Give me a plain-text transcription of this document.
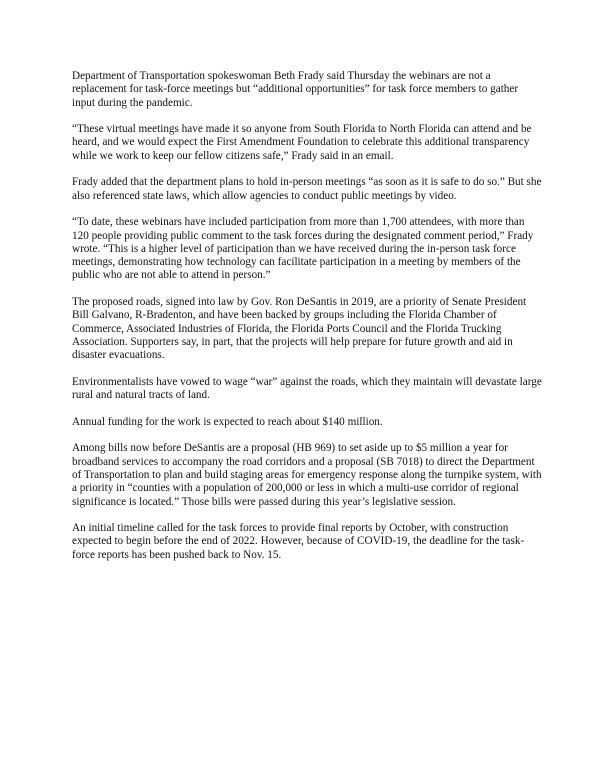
Department of Transportation spokeswoman Beth Frady said Thursday the webinars are not a replacement for task-force meetings but “additional opportunities” for task force members to gather input during the pandemic.

“These virtual meetings have made it so anyone from South Florida to North Florida can attend and be heard, and we would expect the First Amendment Foundation to celebrate this additional transparency while we work to keep our fellow citizens safe,” Frady said in an email.

Frady added that the department plans to hold in-person meetings “as soon as it is safe to do so.” But she also referenced state laws, which allow agencies to conduct public meetings by video.

“To date, these webinars have included participation from more than 1,700 attendees, with more than 120 people providing public comment to the task forces during the designated comment period,” Frady wrote. “This is a higher level of participation than we have received during the in-person task force meetings, demonstrating how technology can facilitate participation in a meeting by members of the public who are not able to attend in person.”

The proposed roads, signed into law by Gov. Ron DeSantis in 2019, are a priority of Senate President Bill Galvano, R-Bradenton, and have been backed by groups including the Florida Chamber of Commerce, Associated Industries of Florida, the Florida Ports Council and the Florida Trucking Association. Supporters say, in part, that the projects will help prepare for future growth and aid in disaster evacuations.

Environmentalists have vowed to wage “war” against the roads, which they maintain will devastate large rural and natural tracts of land.

Annual funding for the work is expected to reach about $140 million.

Among bills now before DeSantis are a proposal (HB 969) to set aside up to $5 million a year for broadband services to accompany the road corridors and a proposal (SB 7018) to direct the Department of Transportation to plan and build staging areas for emergency response along the turnpike system, with a priority in “counties with a population of 200,000 or less in which a multi-use corridor of regional significance is located.” Those bills were passed during this year’s legislative session.

An initial timeline called for the task forces to provide final reports by October, with construction expected to begin before the end of 2022. However, because of COVID-19, the deadline for the task-force reports has been pushed back to Nov. 15.
